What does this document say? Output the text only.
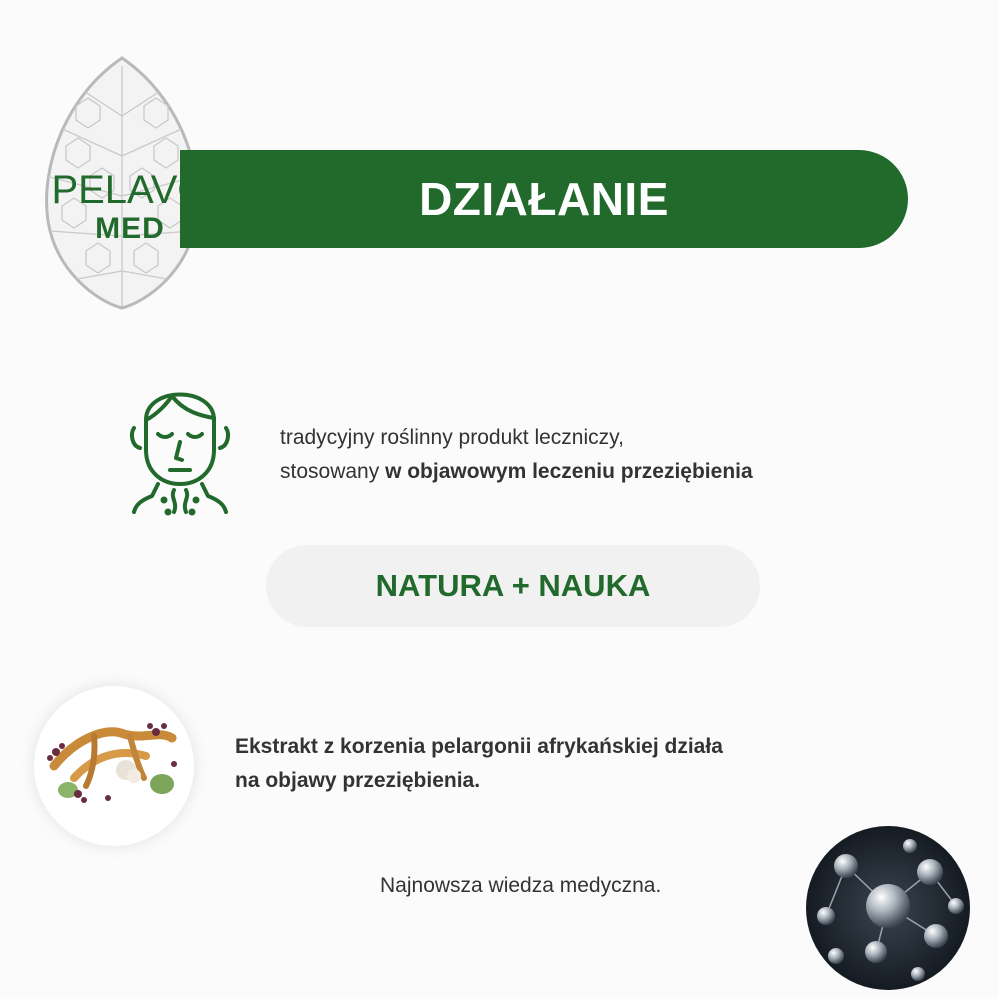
DZIAŁANIE
PELAVO
MED
tradycyjny roślinny produkt leczniczy,
stosowany w objawowym leczeniu przeziębienia
NATURA + NAUKA
Ekstrakt z korzenia pelargonii afrykańskiej działa
na objawy przeziębienia.
Najnowsza wiedza medyczna.
